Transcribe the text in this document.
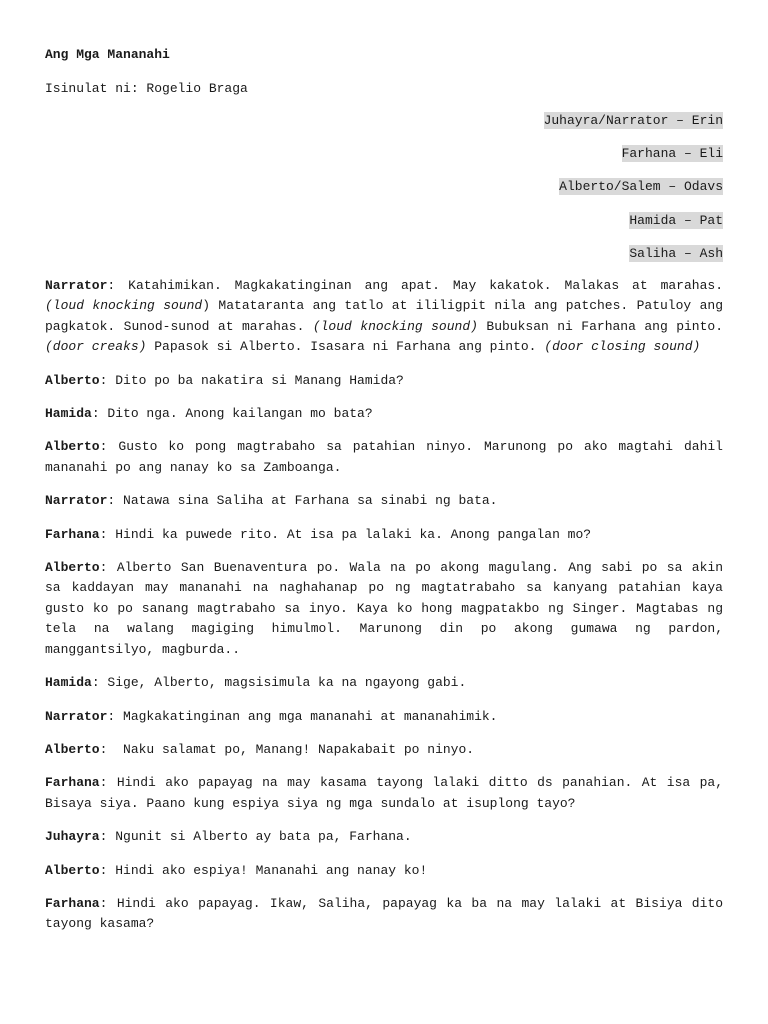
Ang Mga Mananahi
Isinulat ni: Rogelio Braga
Juhayra/Narrator – Erin
Farhana – Eli
Alberto/Salem – Odavs
Hamida – Pat
Saliha – Ash

Narrator: Katahimikan. Magkakatinginan ang apat. May kakatok. Malakas at marahas. (loud knocking sound) Matataranta ang tatlo at ililigpit nila ang patches. Patuloy ang pagkatok. Sunod-sunod at marahas. (loud knocking sound) Bubuksan ni Farhana ang pinto. (door creaks) Papasok si Alberto. Isasara ni Farhana ang pinto. (door closing sound)

Alberto: Dito po ba nakatira si Manang Hamida?

Hamida: Dito nga. Anong kailangan mo bata?

Alberto: Gusto ko pong magtrabaho sa patahian ninyo. Marunong po ako magtahi dahil mananahi po ang nanay ko sa Zamboanga.

Narrator: Natawa sina Saliha at Farhana sa sinabi ng bata.

Farhana: Hindi ka puwede rito. At isa pa lalaki ka. Anong pangalan mo?

Alberto: Alberto San Buenaventura po. Wala na po akong magulang. Ang sabi po sa akin sa kaddayan may mananahi na naghahanap po ng magtatrabaho sa kanyang patahian kaya gusto ko po sanang magtrabaho sa inyo. Kaya ko hong magpatakbo ng Singer. Magtabas ng tela na walang magiging himulmol. Marunong din po akong gumawa ng pardon, manggantsilyo, magburda..

Hamida: Sige, Alberto, magsisimula ka na ngayong gabi.

Narrator: Magkakatinginan ang mga mananahi at mananahimik.

Alberto:  Naku salamat po, Manang! Napakabait po ninyo.

Farhana: Hindi ako papayag na may kasama tayong lalaki ditto ds panahian. At isa pa, Bisaya siya. Paano kung espiya siya ng mga sundalo at isuplong tayo?

Juhayra: Ngunit si Alberto ay bata pa, Farhana.

Alberto: Hindi ako espiya! Mananahi ang nanay ko!

Farhana: Hindi ako papayag. Ikaw, Saliha, papayag ka ba na may lalaki at Bisiya dito tayong kasama?
